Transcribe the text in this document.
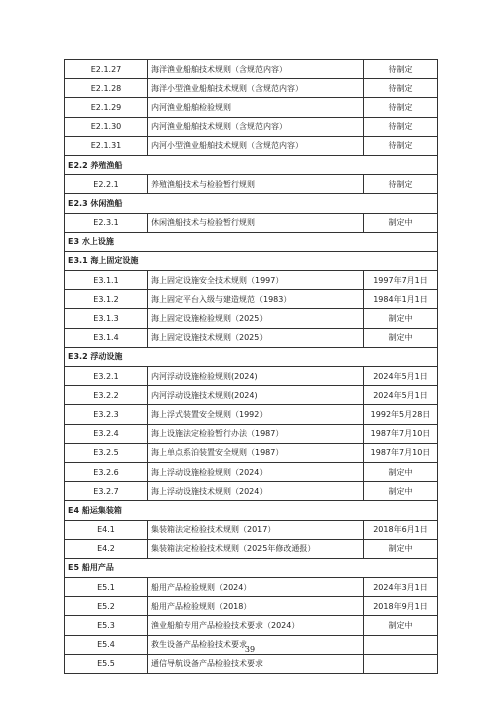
E2.1.27	海洋渔业船舶技术规则（含规范内容）	待制定
E2.1.28	海洋小型渔业船舶技术规则（含规范内容）	待制定
E2.1.29	内河渔业船舶检验规则	待制定
E2.1.30	内河渔业船舶技术规则（含规范内容）	待制定
E2.1.31	内河小型渔业船舶技术规则（含规范内容）	待制定
E2.2 养殖渔船		
E2.2.1	养殖渔船技术与检验暂行规则	待制定
E2.3 休闲渔船		
E2.3.1	休闲渔船技术与检验暂行规则	制定中
E3 水上设施		
E3.1 海上固定设施		
E3.1.1	海上固定设施安全技术规则（1997）	1997年7月1日
E3.1.2	海上固定平台入级与建造规范（1983）	1984年1月1日
E3.1.3	海上固定设施检验规则（2025）	制定中
E3.1.4	海上固定设施技术规则（2025）	制定中
E3.2 浮动设施		
E3.2.1	内河浮动设施检验规则(2024)	2024年5月1日
E3.2.2	内河浮动设施技术规则(2024)	2024年5月1日
E3.2.3	海上浮式装置安全规则（1992）	1992年5月28日
E3.2.4	海上设施法定检验暂行办法（1987）	1987年7月10日
E3.2.5	海上单点系泊装置安全规则（1987）	1987年7月10日
E3.2.6	海上浮动设施检验规则（2024）	制定中
E3.2.7	海上浮动设施技术规则（2024）	制定中
E4 船运集装箱		
E4.1	集装箱法定检验技术规则（2017）	2018年6月1日
E4.2	集装箱法定检验技术规则（2025年修改通报）	制定中
E5 船用产品		
E5.1	船用产品检验规则（2024）	2024年3月1日
E5.2	船用产品检验规则（2018）	2018年9月1日
E5.3	渔业船舶专用产品检验技术要求（2024）	制定中
E5.4	救生设备产品检验技术要求	
E5.5	通信导航设备产品检验技术要求	
39
